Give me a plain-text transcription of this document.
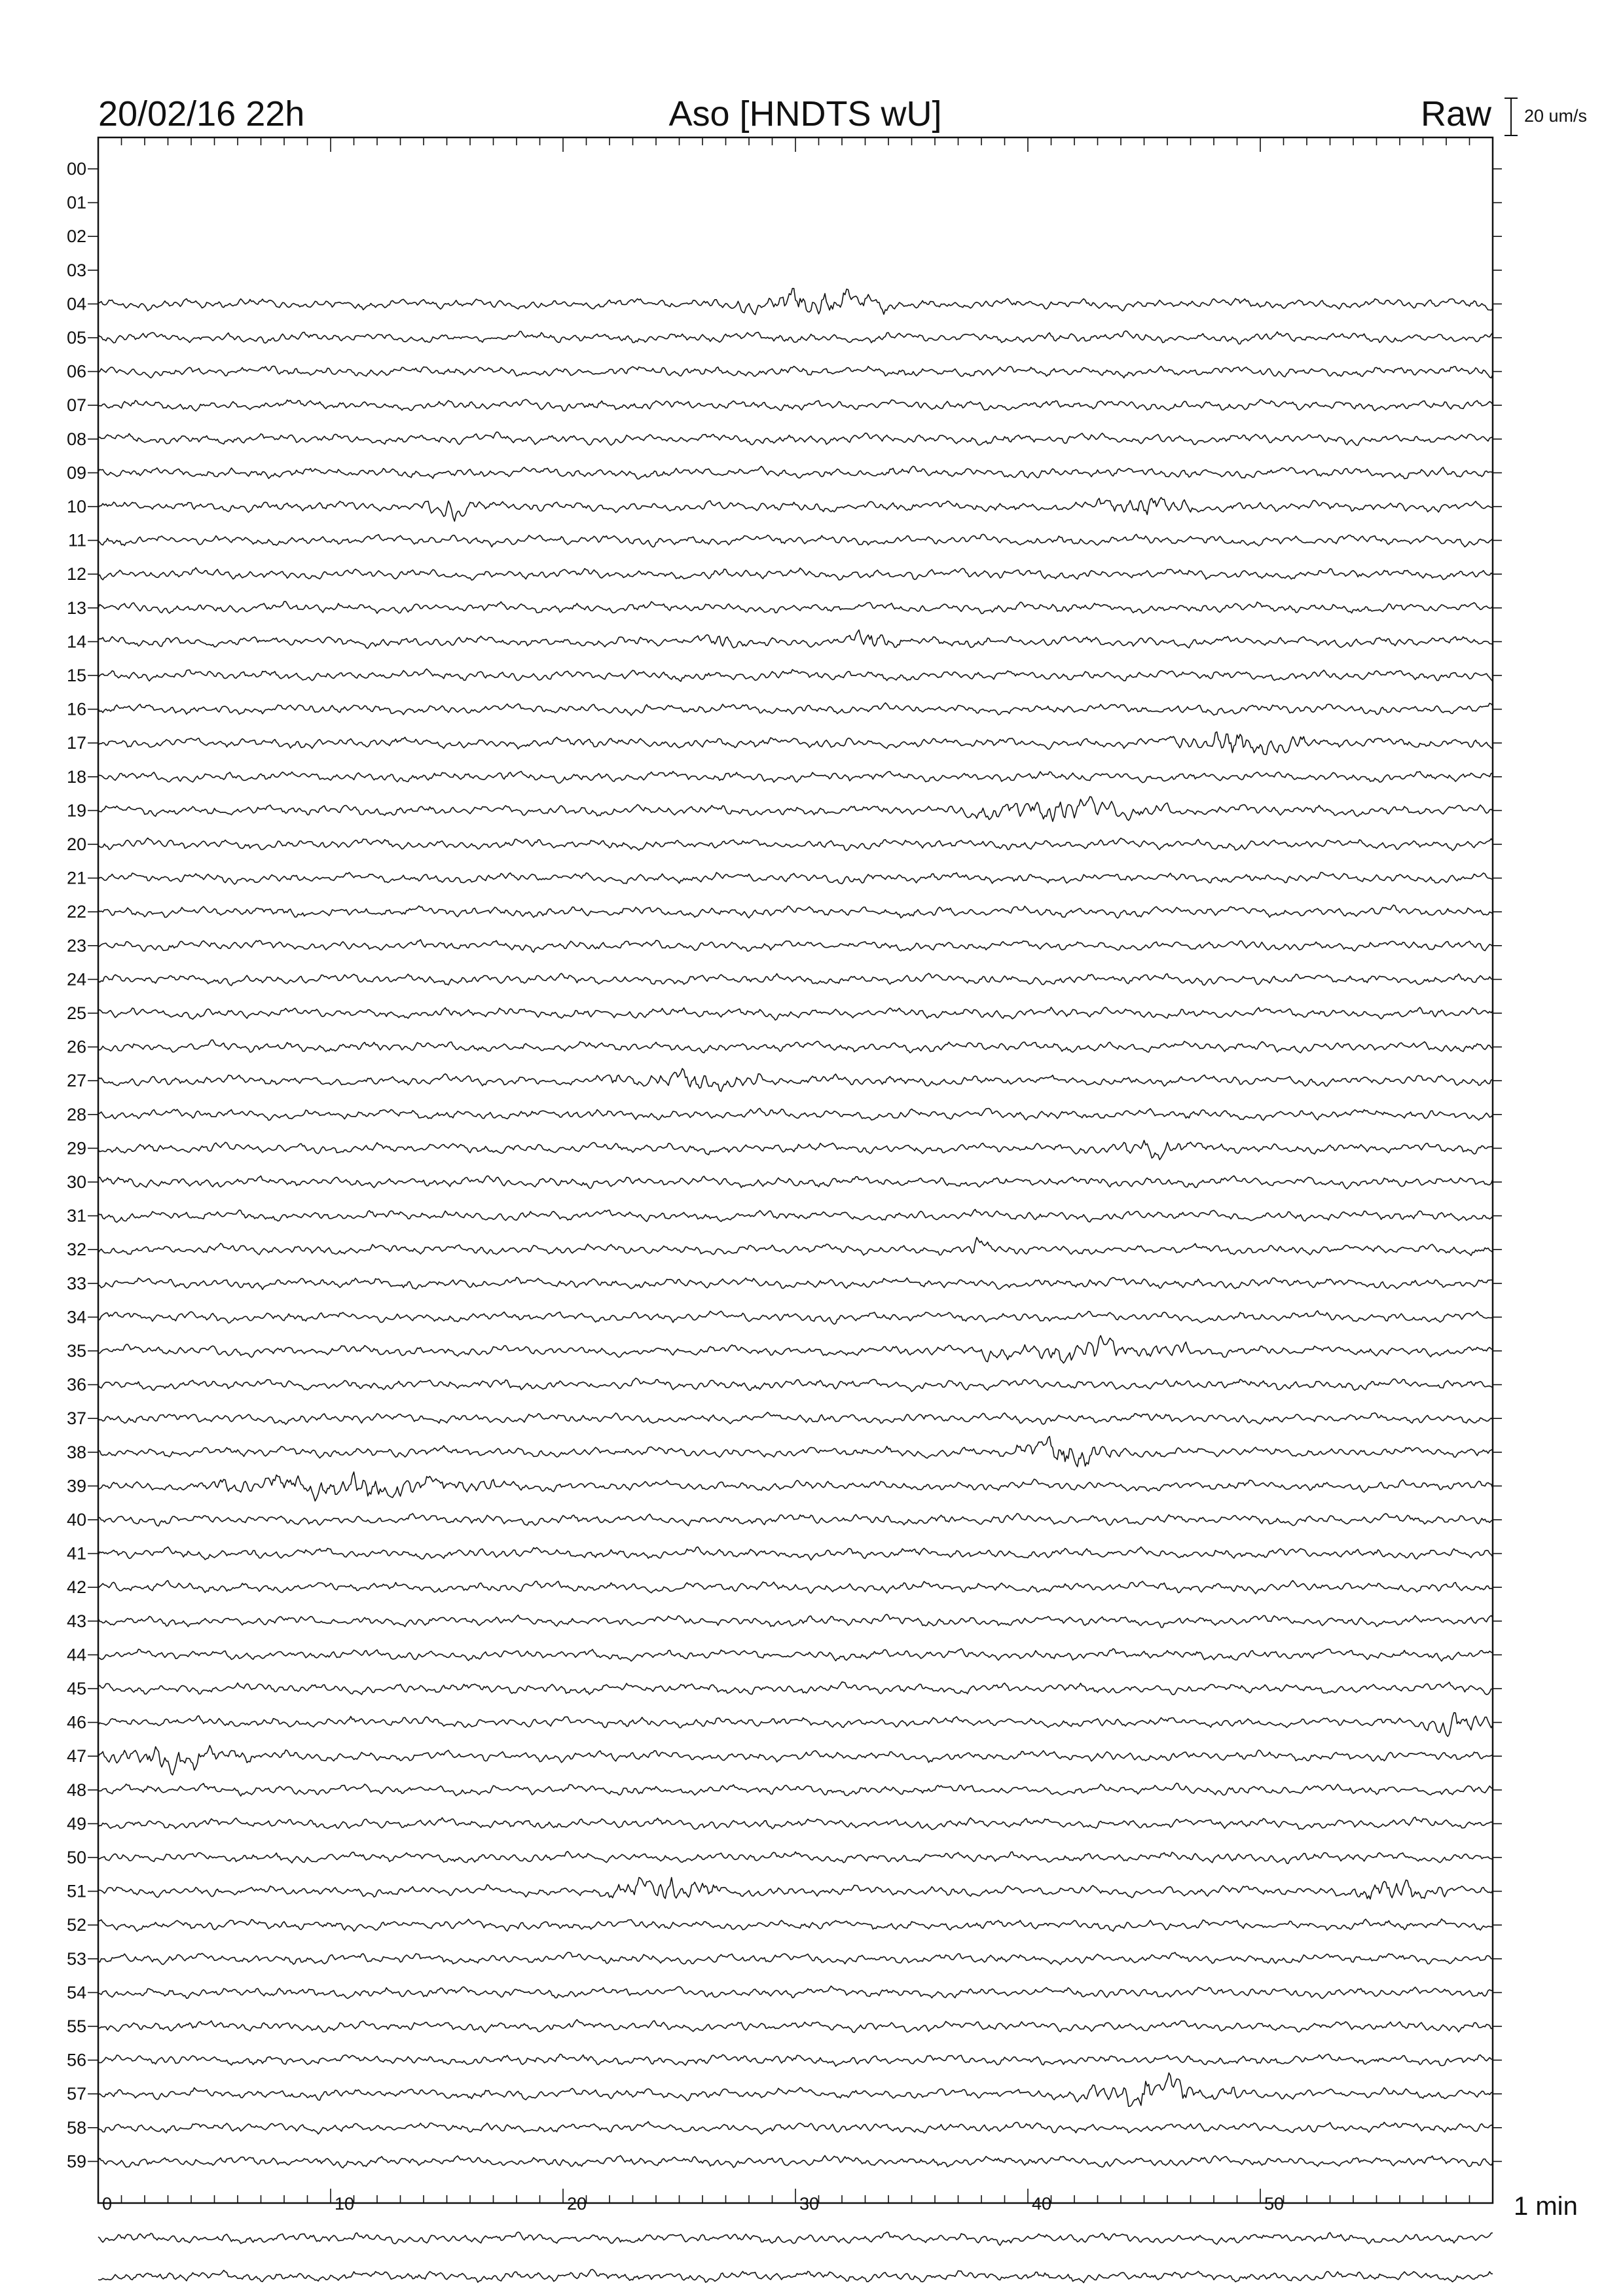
20/02/16 22h	Aso [HNDTS wU]	Raw 20 um/s
00
01
02
03
04
05
06
07
08
09
10
11
12
13
14
15
16
17
18
19
20
21
22
23
24
25
26
27
28
29
30
31
32
33
34
35
36
37
38
39
40
41
42
43
44
45
46
47
48
49
50
51
52
53
54
55
56
57
58
59
0	10	20	30	40	50	1 min
